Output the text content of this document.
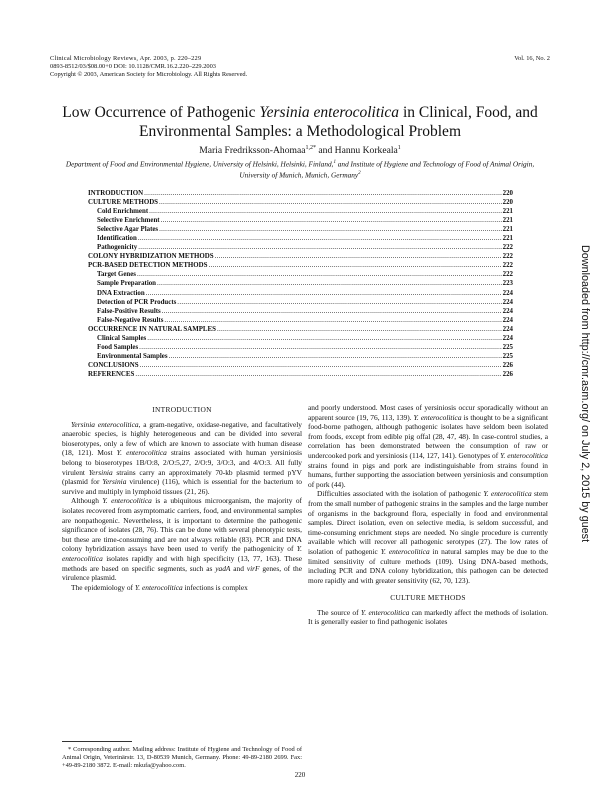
Clinical Microbiology Reviews, Apr. 2003, p. 220–229
0893-8512/03/$08.00+0 DOI: 10.1128/CMR.16.2.220–229.2003
Copyright © 2003, American Society for Microbiology. All Rights Reserved.
Vol. 16, No. 2
Low Occurrence of Pathogenic Yersinia enterocolitica in Clinical, Food, and Environmental Samples: a Methodological Problem
Maria Fredriksson-Ahomaa$^{1,2*}$ and Hannu Korkeala$^1$
Department of Food and Environmental Hygiene, University of Helsinki, Helsinki, Finland,$^1$ and Institute of Hygiene and Technology of Food of Animal Origin, University of Munich, Munich, Germany$^2$
INTRODUCTION .....	220
CULTURE METHODS .....	220
Cold Enrichment .....	221
Selective Enrichment .....	221
Selective Agar Plates .....	221
Identification .....	221
Pathogenicity .....	222
COLONY HYBRIDIZATION METHODS .....	222
PCR-BASED DETECTION METHODS .....	222
Target Genes .....	222
Sample Preparation .....	223
DNA Extraction .....	224
Detection of PCR Products .....	224
False-Positive Results .....	224
False-Negative Results .....	224
OCCURRENCE IN NATURAL SAMPLES .....	224
Clinical Samples .....	224
Food Samples .....	225
Environmental Samples .....	225
CONCLUSIONS .....	226
REFERENCES .....	226
INTRODUCTION

Yersinia enterocolitica, a gram-negative, oxidase-negative, and facultatively anaerobic species, is highly heterogeneous and can be divided into several bioserotypes, only a few of which are known to associate with human disease (18, 121). Most Y. enterocolitica strains associated with human yersiniosis belong to bioserotypes 1B/O:8, 2/O:5,27, 2/O:9, 3/O:3, and 4/O:3. All fully virulent Yersinia strains carry an approximately 70-kb plasmid termed pYV (plasmid for Yersinia virulence) (116), which is essential for the bacterium to survive and multiply in lymphoid tissues (21, 26).

Although Y. enterocolitica is a ubiquitous microorganism, the majority of isolates recovered from asymptomatic carriers, food, and environmental samples are nonpathogenic. Nevertheless, it is important to determine the pathogenic significance of isolates (28, 76). This can be done with several phenotypic tests, but these are time-consuming and are not always reliable (83). PCR and DNA colony hybridization assays have been used to verify the pathogenicity of Y. enterocolitica isolates rapidly and with high specificity (13, 77, 163). These methods are based on specific segments, such as yadA and virF genes, of the virulence plasmid.

The epidemiology of Y. enterocolitica infections is complex

and poorly understood. Most cases of yersiniosis occur sporadically without an apparent source (19, 76, 113, 139). Y. enterocolitica is thought to be a significant food-borne pathogen, although pathogenic isolates have seldom been isolated from foods, except from edible pig offal (28, 47, 48). In case-control studies, a correlation has been demonstrated between the consumption of raw or undercooked pork and yersiniosis (114, 127, 141). Genotypes of Y. enterocolitica strains found in pigs and pork are indistinguishable from strains found in humans, further supporting the association between yersiniosis and consumption of pork (44).

Difficulties associated with the isolation of pathogenic Y. enterocolitica stem from the small number of pathogenic strains in the samples and the large number of organisms in the background flora, especially in food and environmental samples. Direct isolation, even on selective media, is seldom successful, and time-consuming enrichment steps are needed. No single procedure is currently available which will recover all pathogenic serotypes (27). The low rates of isolation of pathogenic Y. enterocolitica in natural samples may be due to the limited sensitivity of culture methods (109). Using DNA-based methods, including PCR and DNA colony hybridization, this pathogen can be detected more rapidly and with greater sensitivity (62, 70, 123).

CULTURE METHODS

The source of Y. enterocolitica can markedly affect the methods of isolation. It is generally easier to find pathogenic isolates

* Corresponding author. Mailing address: Institute of Hygiene and Technology of Food of Animal Origin, Veterinärstr. 13, D-80539 Munich, Germany. Phone: 49-89-2180 2699. Fax: +49-89-2180 3872. E-mail: mkufa@yahoo.com.

220
Downloaded from http://cmr.asm.org/ on July 2, 2015 by guest
